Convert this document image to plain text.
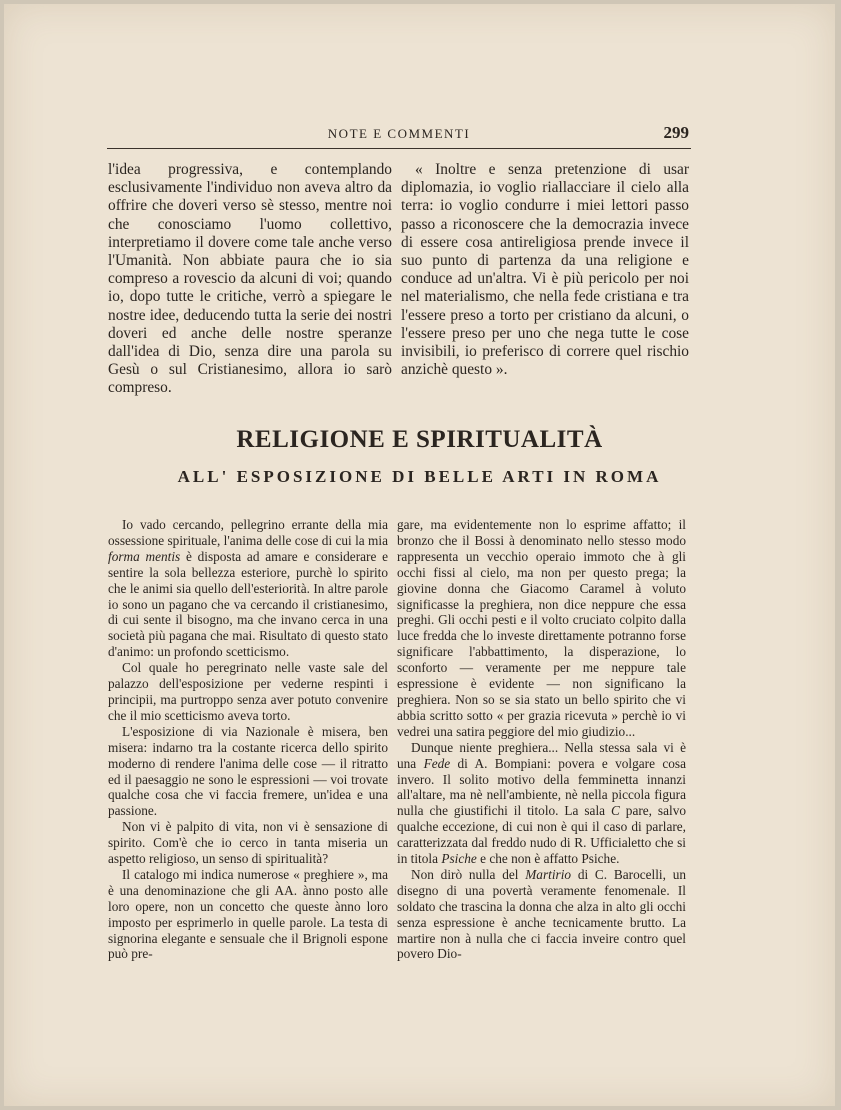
NOTE E COMMENTI	299

l'idea progressiva, e contemplando esclusivamente l'individuo non aveva altro da offrire che doveri verso sè stesso, mentre noi che conosciamo l'uomo collettivo, interpretiamo il dovere come tale anche verso l'Umanità. Non abbiate paura che io sia compreso a rovescio da alcuni di voi; quando io, dopo tutte le critiche, verrò a spiegare le nostre idee, deducendo tutta la serie dei nostri doveri ed anche delle nostre speranze dall'idea di Dio, senza dire una parola su Gesù o sul Cristianesimo, allora io sarò compreso.

« Inoltre e senza pretenzione di usar diplomazia, io voglio riallacciare il cielo alla terra: io voglio condurre i miei lettori passo passo a riconoscere che la democrazia invece di essere cosa antireligiosa prende invece il suo punto di partenza da una religione e conduce ad un'altra. Vi è più pericolo per noi nel materialismo, che nella fede cristiana e tra l'essere preso a torto per cristiano da alcuni, o l'essere preso per uno che nega tutte le cose invisibili, io preferisco di correre quel rischio anzichè questo ».

RELIGIONE E SPIRITUALITÀ
ALL' ESPOSIZIONE DI BELLE ARTI IN ROMA

Io vado cercando, pellegrino errante della mia ossessione spirituale, l'anima delle cose di cui la mia forma mentis è disposta ad amare e considerare e sentire la sola bellezza esteriore, purchè lo spirito che le animi sia quello dell'esteriorità. In altre parole io sono un pagano che va cercando il cristianesimo, di cui sente il bisogno, ma che invano cerca in una società più pagana che mai. Risultato di questo stato d'animo: un profondo scetticismo.

Col quale ho peregrinato nelle vaste sale del palazzo dell'esposizione per vederne respinti i principii, ma purtroppo senza aver potuto convenire che il mio scetticismo aveva torto.

L'esposizione di via Nazionale è misera, ben misera: indarno tra la costante ricerca dello spirito moderno di rendere l'anima delle cose — il ritratto ed il paesaggio ne sono le espressioni — voi trovate qualche cosa che vi faccia fremere, un'idea e una passione.

Non vi è palpito di vita, non vi è sensazione di spirito. Com'è che io cerco in tanta miseria un aspetto religioso, un senso di spiritualità?

Il catalogo mi indica numerose « preghiere », ma è una denominazione che gli AA. ànno posto alle loro opere, non un concetto che queste ànno loro imposto per esprimerlo in quelle parole. La testa di signorina elegante e sensuale che il Brignoli espone può pre-

gare, ma evidentemente non lo esprime affatto; il bronzo che il Bossi à denominato nello stesso modo rappresenta un vecchio operaio immoto che à gli occhi fissi al cielo, ma non per questo prega; la giovine donna che Giacomo Caramel à voluto significasse la preghiera, non dice neppure che essa preghi. Gli occhi pesti e il volto cruciato colpito dalla luce fredda che lo investe direttamente potranno forse significare l'abbattimento, la disperazione, lo sconforto — veramente per me neppure tale espressione è evidente — non significano la preghiera. Non so se sia stato un bello spirito che vi abbia scritto sotto « per grazia ricevuta » perchè io vi vedrei una satira peggiore del mio giudizio...

Dunque niente preghiera... Nella stessa sala vi è una Fede di A. Bompiani: povera e volgare cosa invero. Il solito motivo della femminetta innanzi all'altare, ma nè nell'ambiente, nè nella piccola figura nulla che giustifichi il titolo. La sala C pare, salvo qualche eccezione, di cui non è qui il caso di parlare, caratterizzata dal freddo nudo di R. Ufficialetto che si in titola Psiche e che non è affatto Psiche.

Non dirò nulla del Martirio di C. Barocelli, un disegno di una povertà veramente fenomenale. Il soldato che trascina la donna che alza in alto gli occhi senza espressione è anche tecnicamente brutto. La martire non à nulla che ci faccia inveire contro quel povero Dio-
